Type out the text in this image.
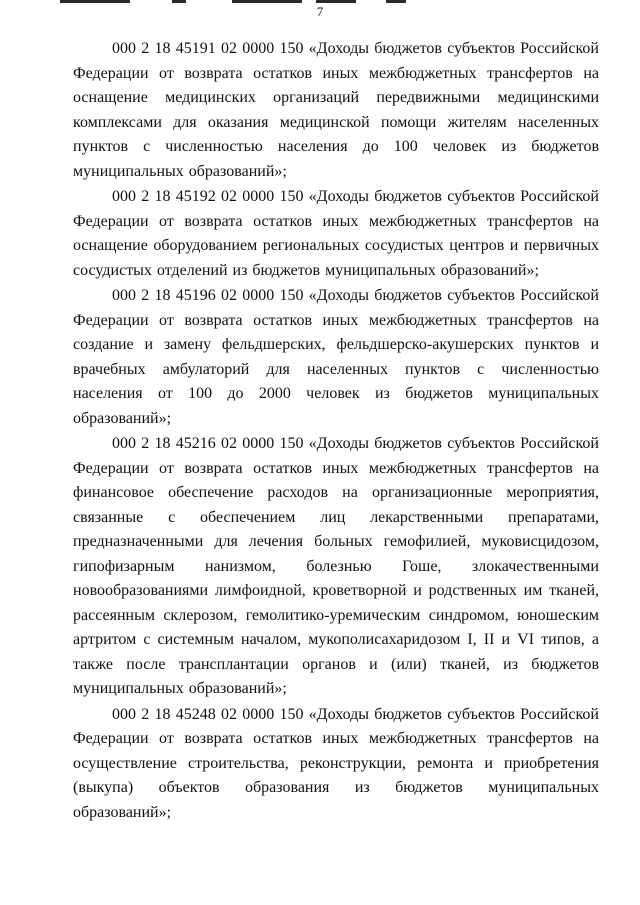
7

000 2 18 45191 02 0000 150 «Доходы бюджетов субъектов Российской Федерации от возврата остатков иных межбюджетных трансфертов на оснащение медицинских организаций передвижными медицинскими комплексами для оказания медицинской помощи жителям населенных пунктов с численностью населения до 100 человек из бюджетов муниципальных образований»;

000 2 18 45192 02 0000 150 «Доходы бюджетов субъектов Российской Федерации от возврата остатков иных межбюджетных трансфертов на оснащение оборудованием региональных сосудистых центров и первичных сосудистых отделений из бюджетов муниципальных образований»;

000 2 18 45196 02 0000 150 «Доходы бюджетов субъектов Российской Федерации от возврата остатков иных межбюджетных трансфертов на создание и замену фельдшерских, фельдшерско-акушерских пунктов и врачебных амбулаторий для населенных пунктов с численностью населения от 100 до 2000 человек из бюджетов муниципальных образований»;

000 2 18 45216 02 0000 150 «Доходы бюджетов субъектов Российской Федерации от возврата остатков иных межбюджетных трансфертов на финансовое обеспечение расходов на организационные мероприятия, связанные с обеспечением лиц лекарственными препаратами, предназначенными для лечения больных гемофилией, муковисцидозом, гипофизарным нанизмом, болезнью Гоше, злокачественными новообразованиями лимфоидной, кроветворной и родственных им тканей, рассеянным склерозом, гемолитико-уремическим синдромом, юношеским артритом с системным началом, мукополисахаридозом I, II и VI типов, а также после трансплантации органов и (или) тканей, из бюджетов муниципальных образований»;

000 2 18 45248 02 0000 150 «Доходы бюджетов субъектов Российской Федерации от возврата остатков иных межбюджетных трансфертов на осуществление строительства, реконструкции, ремонта и приобретения (выкупа) объектов образования из бюджетов муниципальных образований»;
